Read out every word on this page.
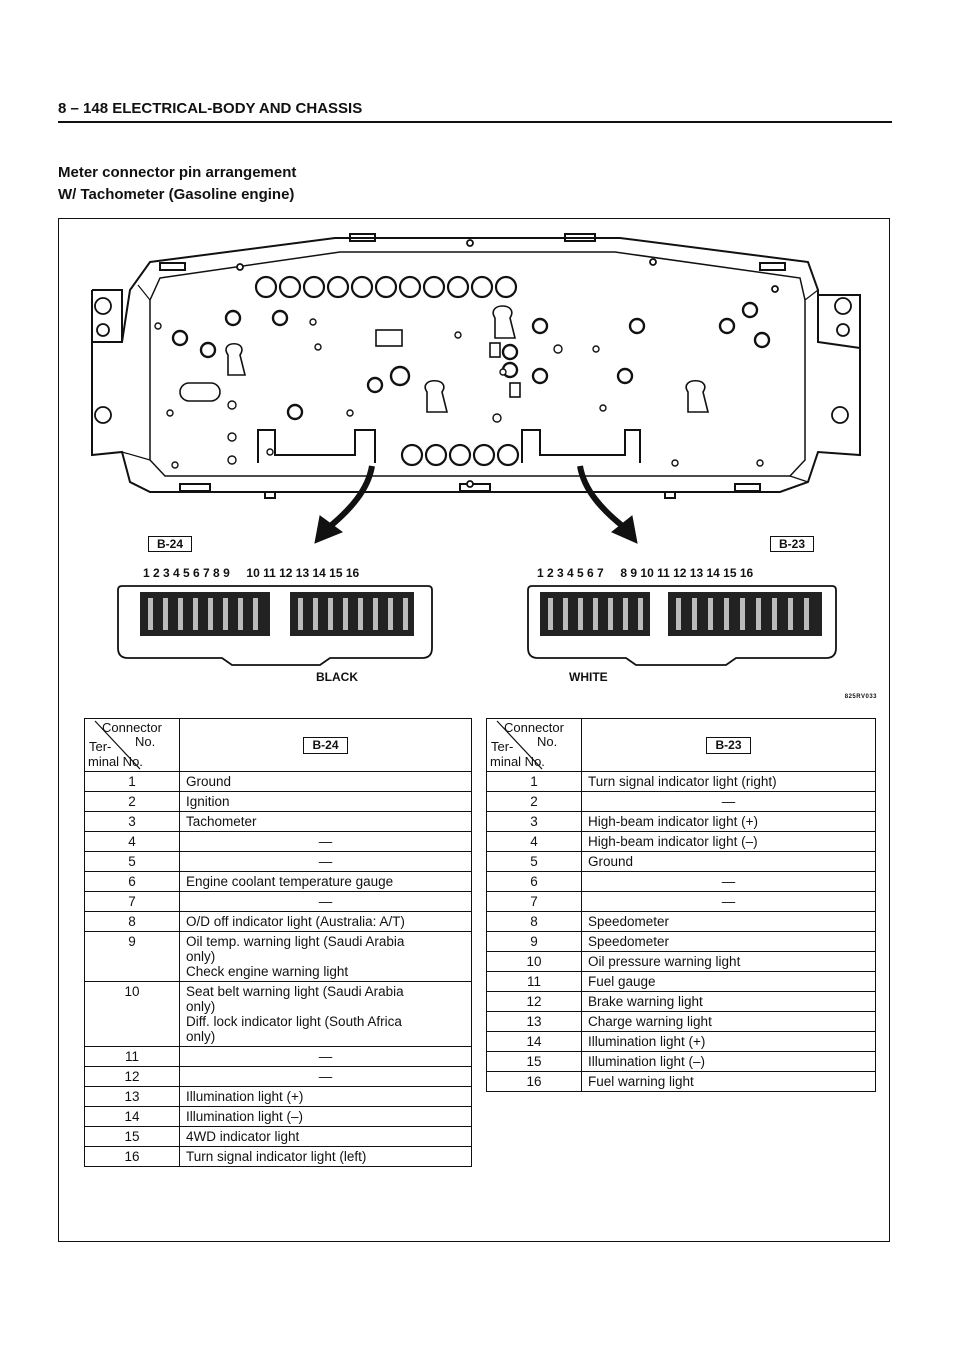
8 – 148 ELECTRICAL-BODY AND CHASSIS
Meter connector pin arrangement
W/ Tachometer (Gasoline engine)
825RV033
B-24	B-23
1 2 3 4 5 6 7 8 9     10 11 12 13 14 15 16	1 2 3 4 5 6 7     8 9 10 11 12 13 14 15 16
BLACK	WHITE
Connector
No.
Ter-
minal No.	B-24
1	Ground
2	Ignition
3	Tachometer
4	—
5	—
6	Engine coolant temperature gauge
7	—
8	O/D off indicator light (Australia: A/T)
9	Oil temp. warning light (Saudi Arabia
only)
Check engine warning light
10	Seat belt warning light (Saudi Arabia
only)
Diff. lock indicator light (South Africa
only)
11	—
12	—
13	Illumination light (+)
14	Illumination light (–)
15	4WD indicator light
16	Turn signal indicator light (left)
Connector
No.
Ter-
minal No.	B-23
1	Turn signal indicator light (right)
2	—
3	High-beam indicator light (+)
4	High-beam indicator light (–)
5	Ground
6	—
7	—
8	Speedometer
9	Speedometer
10	Oil pressure warning light
11	Fuel gauge
12	Brake warning light
13	Charge warning light
14	Illumination light (+)
15	Illumination light (–)
16	Fuel warning light
